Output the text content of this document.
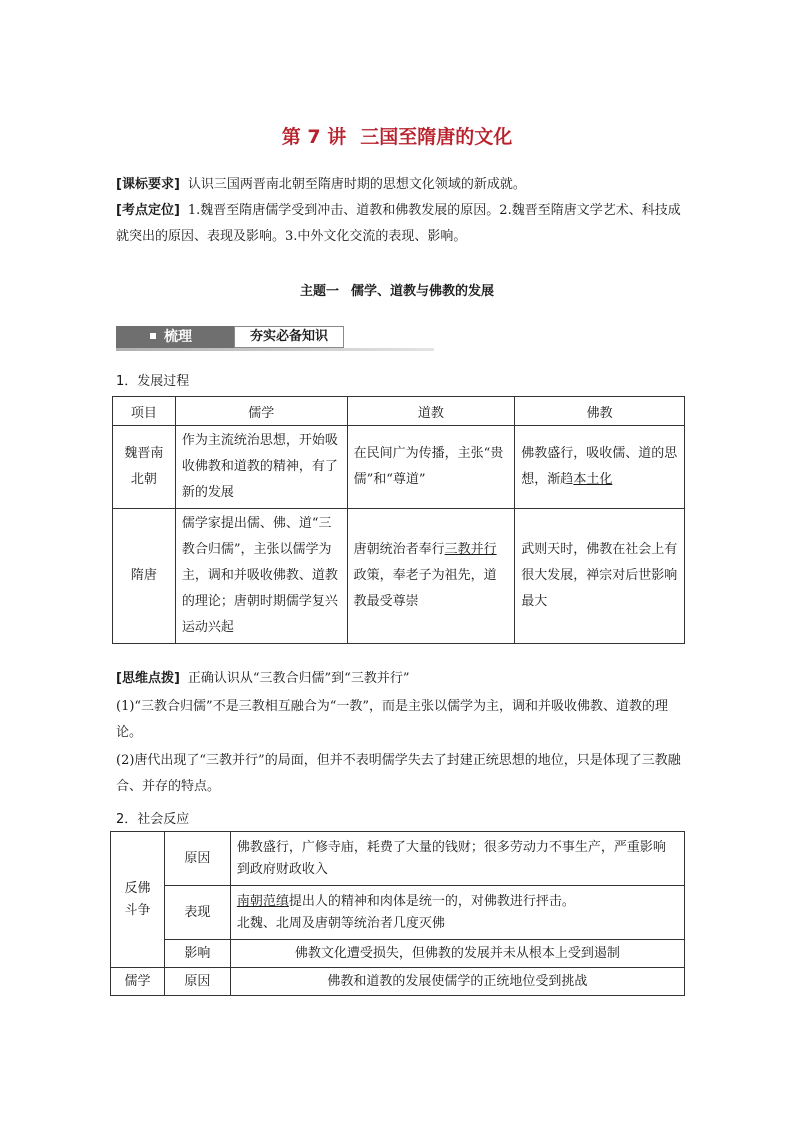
第 7 讲 三国至隋唐的文化
[课标要求] 认识三国两晋南北朝至隋唐时期的思想文化领域的新成就。
[考点定位] 1.魏晋至隋唐儒学受到冲击、道教和佛教发展的原因。2.魏晋至隋唐文学艺术、科技成就突出的原因、表现及影响。3.中外文化交流的表现、影响。
主题一 儒学、道教与佛教的发展
梳理	夯实必备知识
1．发展过程
项目	儒学	道教	佛教

魏晋南
北朝	作为主流统治思想，开始吸收佛教和道教的精神，有了新的发展	在民间广为传播，主张“贵儒”和“尊道”	佛教盛行，吸收儒、道的思想，渐趋本土化
隋唐	儒学家提出儒、佛、道“三教合归儒”，主张以儒学为主，调和并吸收佛教、道教的理论；唐朝时期儒学复兴运动兴起	唐朝统治者奉行三教并行政策，奉老子为祖先，道教最受尊崇	武则天时，佛教在社会上有很大发展，禅宗对后世影响最大
[思维点拨] 正确认识从“三教合归儒”到“三教并行”
(1)“三教合归儒”不是三教相互融合为“一教”，而是主张以儒学为主，调和并吸收佛教、道教的理论。
(2)唐代出现了“三教并行”的局面，但并不表明儒学失去了封建正统思想的地位，只是体现了三教融合、并存的特点。
2．社会反应
反佛
斗争	原因	佛教盛行，广修寺庙，耗费了大量的钱财；很多劳动力不事生产，严重影响到政府财政收入
	表现	南朝范缜提出人的精神和肉体是统一的，对佛教进行抨击。
北魏、北周及唐朝等统治者几度灭佛

	影响	佛教文化遭受损失，但佛教的发展并未从根本上受到遏制
儒学	原因	佛教和道教的发展使儒学的正统地位受到挑战
